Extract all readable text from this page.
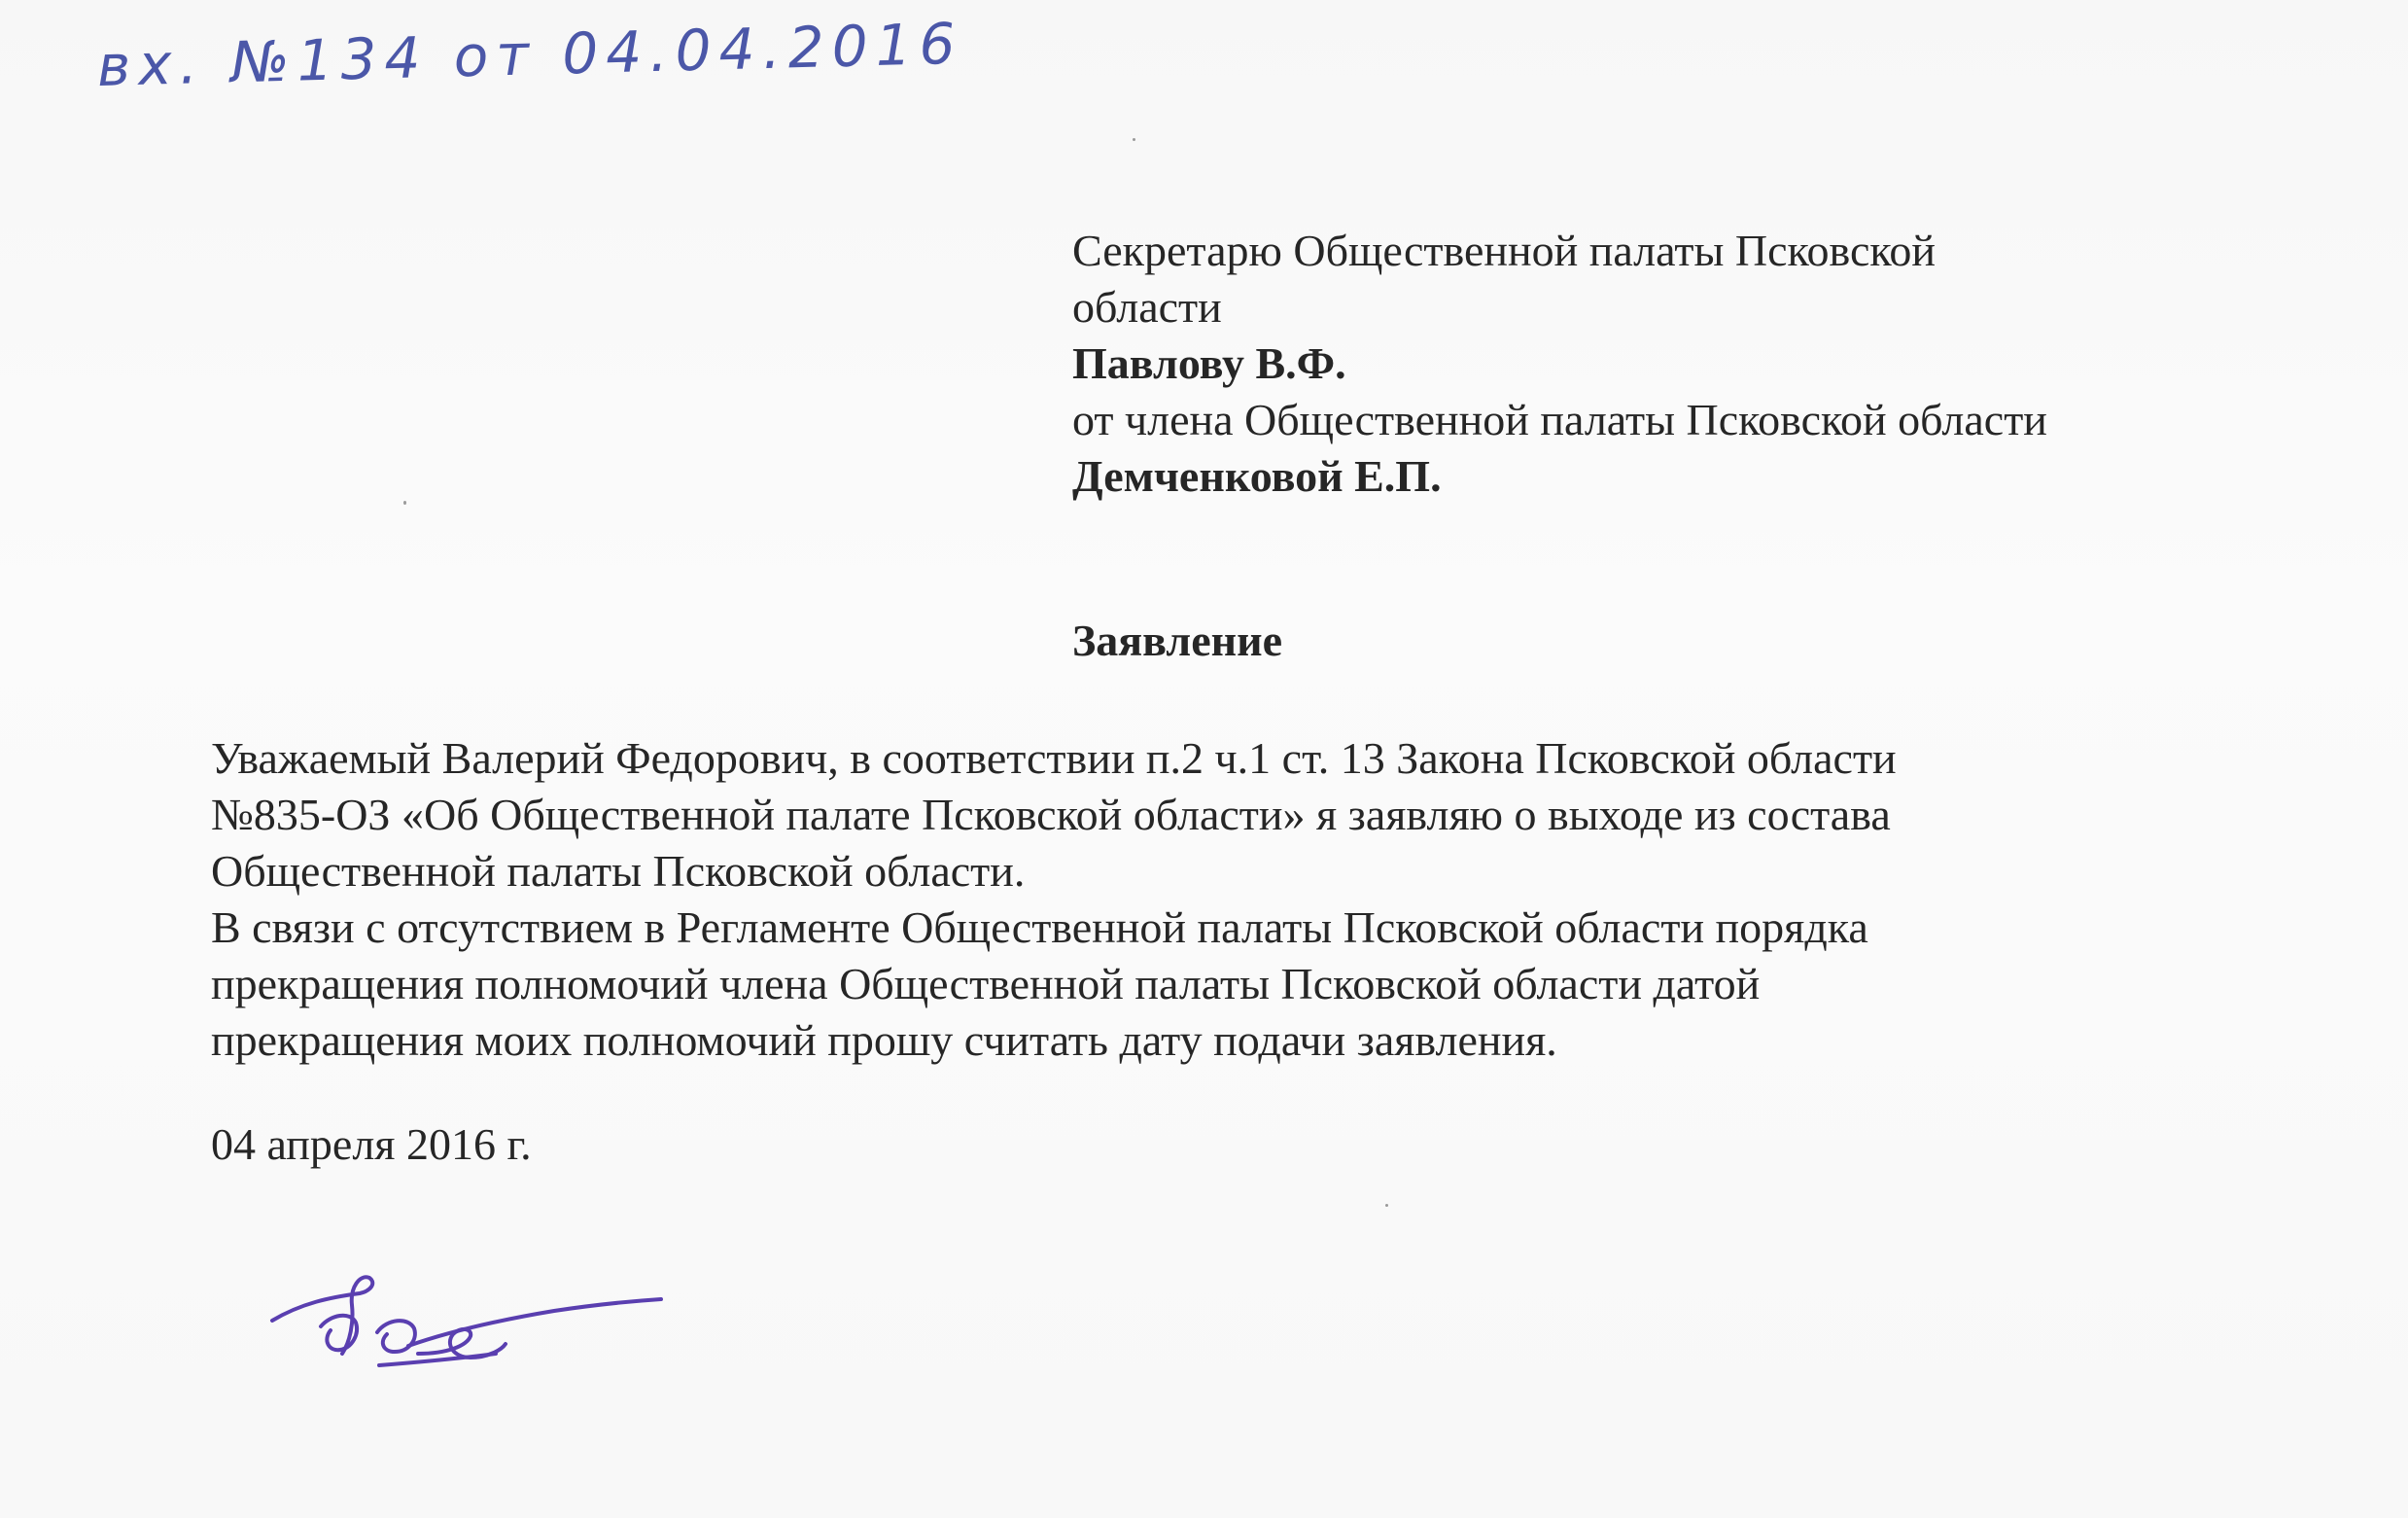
вх. №134 от 04.04.2016
Секретарю Общественной палаты Псковской
области
Павлову В.Ф.
от члена Общественной палаты Псковской области
Демченковой Е.П.
Заявление
Уважаемый Валерий Федорович, в соответствии п.2 ч.1 ст. 13 Закона Псковской области
№835-ОЗ «Об Общественной палате Псковской области» я заявляю о выходе из состава
Общественной палаты Псковской области.
В связи с отсутствием в Регламенте Общественной палаты Псковской области порядка
прекращения полномочий члена Общественной палаты Псковской области датой
прекращения моих полномочий прошу считать дату подачи заявления.
04 апреля 2016 г.
